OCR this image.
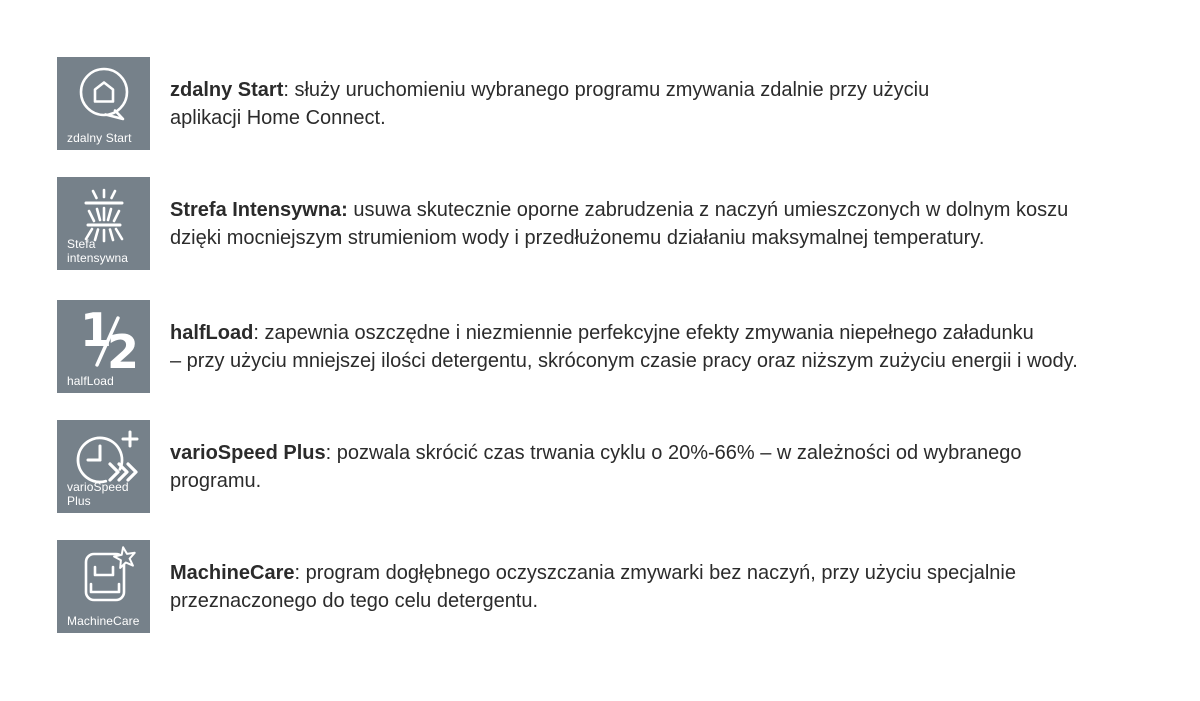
zdalny Start
zdalny Start: służy uruchomieniu wybranego programu zmywania zdalnie przy użyciu
aplikacji Home Connect.
Stefa
intensywna
Strefa Intensywna: usuwa skutecznie oporne zabrudzenia z naczyń umieszczonych w dolnym koszu
dzięki mocniejszym strumieniom wody i przedłużonemu działaniu maksymalnej temperatury.
1
2
halfLoad
halfLoad: zapewnia oszczędne i niezmiennie perfekcyjne efekty zmywania niepełnego załadunku
– przy użyciu mniejszej ilości detergentu, skróconym czasie pracy oraz niższym zużyciu energii i wody.
varioSpeed
Plus
varioSpeed Plus: pozwala skrócić czas trwania cyklu o 20%-66% – w zależności od wybranego
programu.
MachineCare
MachineCare: program dogłębnego oczyszczania zmywarki bez naczyń, przy użyciu specjalnie
przeznaczonego do tego celu detergentu.
